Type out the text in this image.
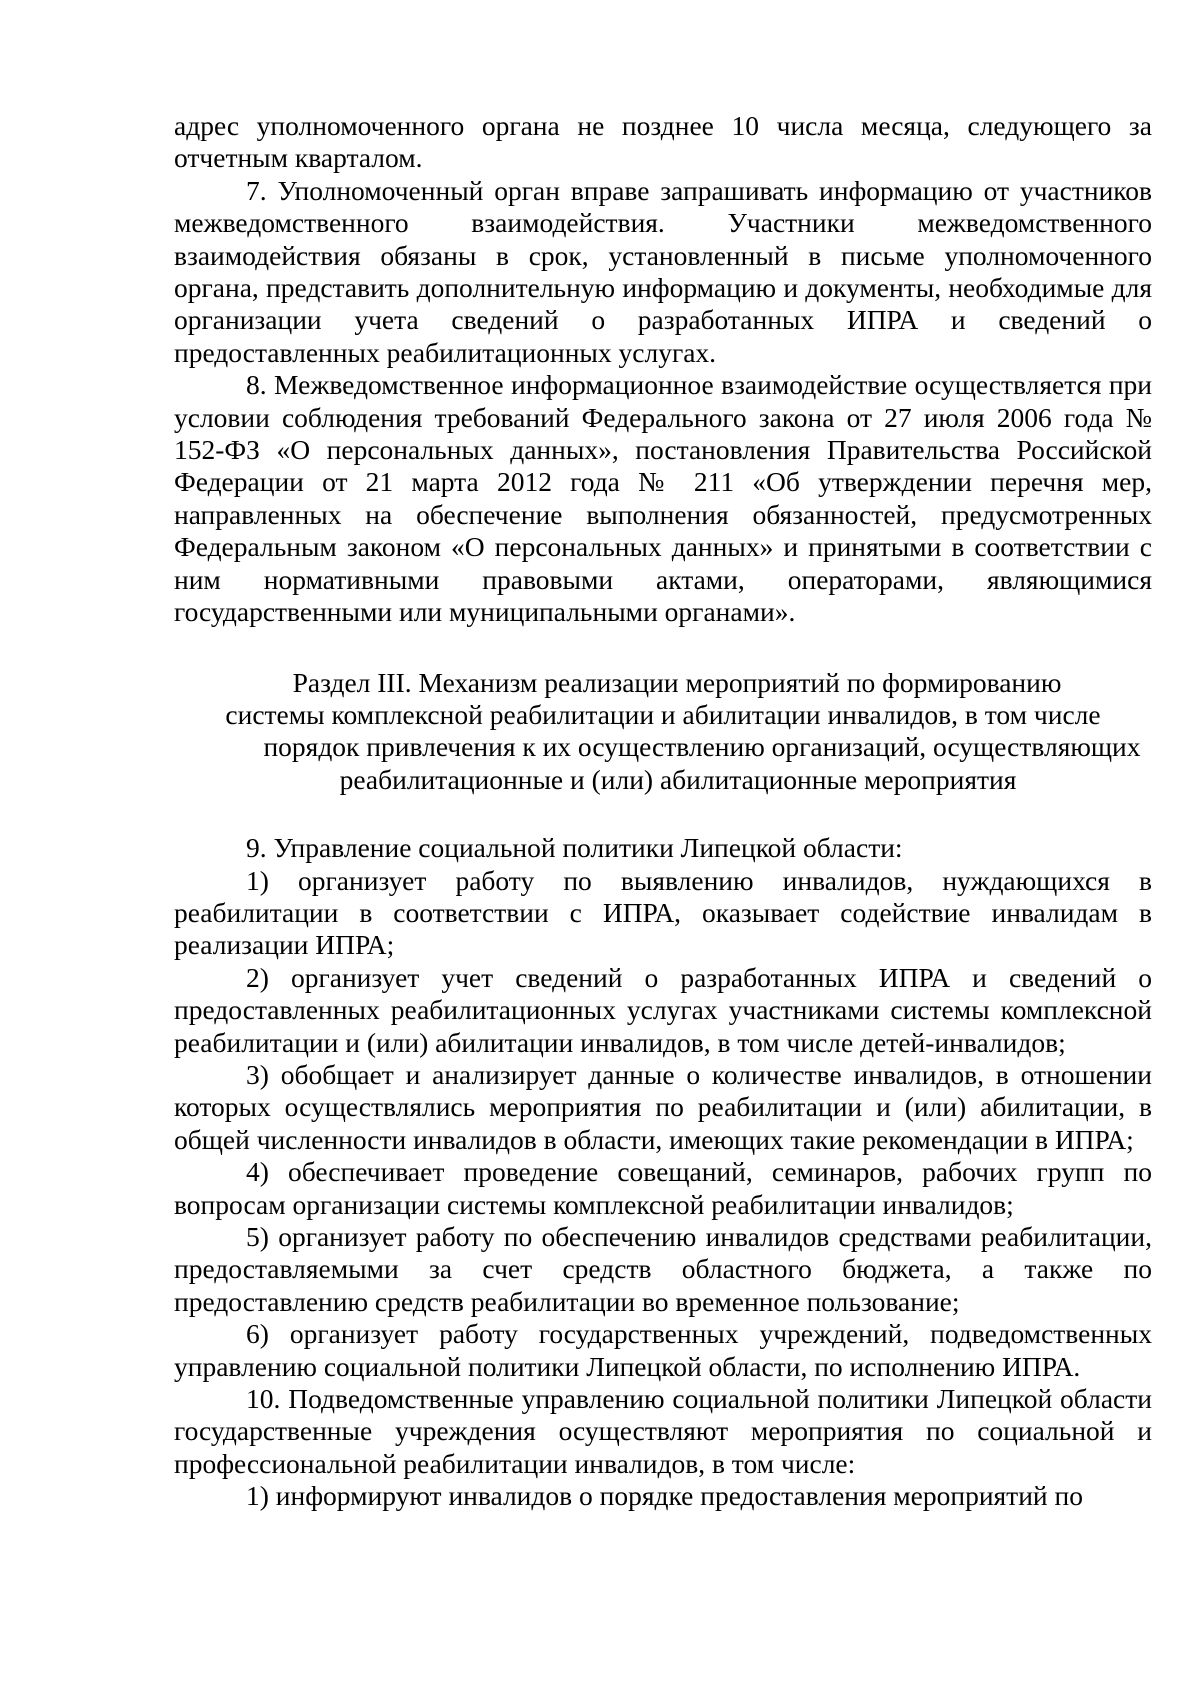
адрес уполномоченного органа не позднее 10 числа месяца, следующего за отчетным кварталом.

7. Уполномоченный орган вправе запрашивать информацию от участников межведомственного взаимодействия. Участники межведомственного взаимодействия обязаны в срок, установленный в письме уполномоченного органа, представить дополнительную информацию и документы, необходимые для организации учета сведений о разработанных ИПРА и сведений о предоставленных реабилитационных услугах.

8. Межведомственное информационное взаимодействие осуществляется при условии соблюдения требований Федерального закона от 27 июля 2006 года № 152-ФЗ «О персональных данных», постановления Правительства Российской Федерации от 21 марта 2012 года № 211 «Об утверждении перечня мер, направленных на обеспечение выполнения обязанностей, предусмотренных Федеральным законом «О персональных данных» и принятыми в соответствии с ним нормативными правовыми актами, операторами, являющимися государственными или муниципальными органами».

Раздел III. Механизм реализации мероприятий по формированию
системы комплексной реабилитации и абилитации инвалидов, в том числе
порядок привлечения к их осуществлению организаций, осуществляющих
реабилитационные и (или) абилитационные мероприятия

9. Управление социальной политики Липецкой области:

1) организует работу по выявлению инвалидов, нуждающихся в реабилитации в соответствии с ИПРА, оказывает содействие инвалидам в реализации ИПРА;

2) организует учет сведений о разработанных ИПРА и сведений о предоставленных реабилитационных услугах участниками системы комплексной реабилитации и (или) абилитации инвалидов, в том числе детей-инвалидов;

3) обобщает и анализирует данные о количестве инвалидов, в отношении которых осуществлялись мероприятия по реабилитации и (или) абилитации, в общей численности инвалидов в области, имеющих такие рекомендации в ИПРА;

4) обеспечивает проведение совещаний, семинаров, рабочих групп по вопросам организации системы комплексной реабилитации инвалидов;

5) организует работу по обеспечению инвалидов средствами реабилитации, предоставляемыми за счет средств областного бюджета, а также по предоставлению средств реабилитации во временное пользование;

6) организует работу государственных учреждений, подведомственных управлению социальной политики Липецкой области, по исполнению ИПРА.

10. Подведомственные управлению социальной политики Липецкой области государственные учреждения осуществляют мероприятия по социальной и профессиональной реабилитации инвалидов, в том числе:

1) информируют инвалидов о порядке предоставления мероприятий по
